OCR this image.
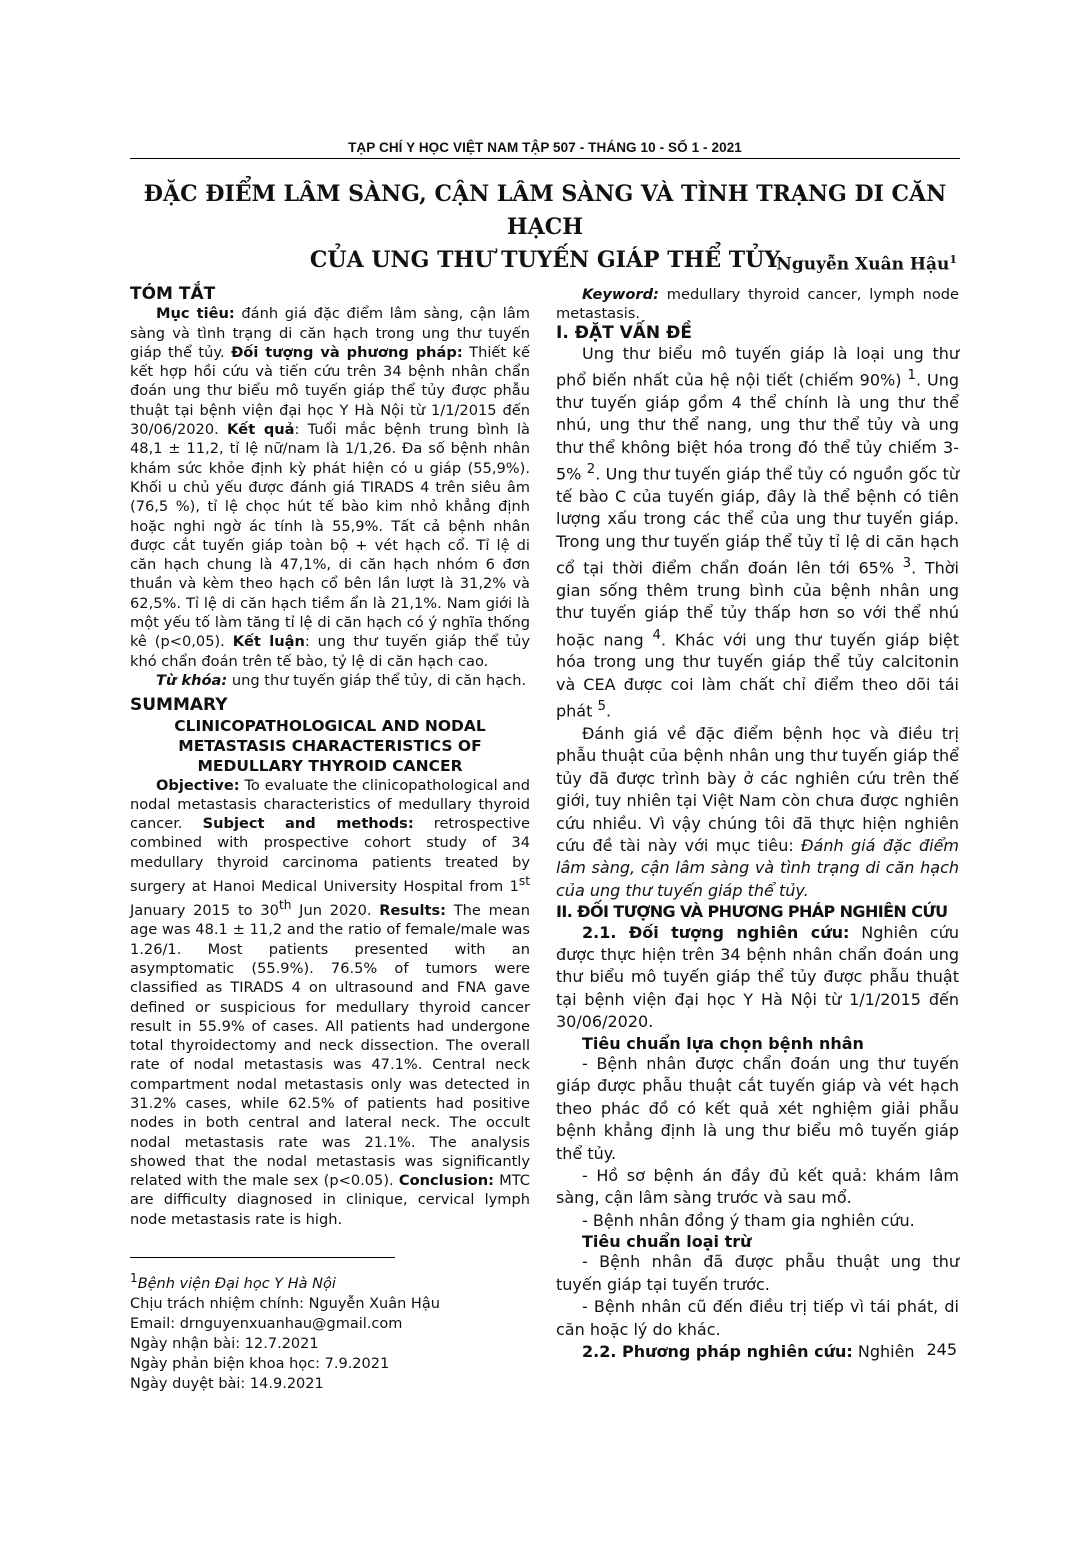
TẠP CHÍ Y HỌC VIỆT NAM TẬP 507 - THÁNG 10 - SỐ 1 - 2021
ĐẶC ĐIỂM LÂM SÀNG, CẬN LÂM SÀNG VÀ TÌNH TRẠNG DI CĂN HẠCH
CỦA UNG THƯ TUYẾN GIÁP THỂ TỦY
Nguyễn Xuân Hậu$^1$

TÓM TẮT

Mục tiêu: đánh giá đặc điểm lâm sàng, cận lâm sàng và tình trạng di căn hạch trong ung thư tuyến giáp thể tủy. Đối tượng và phương pháp: Thiết kế kết hợp hồi cứu và tiến cứu trên 34 bệnh nhân chẩn đoán ung thư biểu mô tuyến giáp thể tủy được phẫu thuật tại bệnh viện đại học Y Hà Nội từ 1/1/2015 đến 30/06/2020. Kết quả: Tuổi mắc bệnh trung bình là 48,1 ± 11,2, tỉ lệ nữ/nam là 1/1,26. Đa số bệnh nhân khám sức khỏe định kỳ phát hiện có u giáp (55,9%). Khối u chủ yếu được đánh giá TIRADS 4 trên siêu âm (76,5 %), tỉ lệ chọc hút tế bào kim nhỏ khẳng định hoặc nghi ngờ ác tính là 55,9%. Tất cả bệnh nhân được cắt tuyến giáp toàn bộ + vét hạch cổ. Tỉ lệ di căn hạch chung là 47,1%, di căn hạch nhóm 6 đơn thuần và kèm theo hạch cổ bên lần lượt là 31,2% và 62,5%. Tỉ lệ di căn hạch tiềm ẩn là 21,1%. Nam giới là một yếu tố làm tăng tỉ lệ di căn hạch có ý nghĩa thống kê (p<0,05). Kết luận: ung thư tuyến giáp thể tủy khó chẩn đoán trên tế bào, tỷ lệ di căn hạch cao.

Từ khóa: ung thư tuyến giáp thể tủy, di căn hạch.

SUMMARY

CLINICOPATHOLOGICAL AND NODAL METASTASIS CHARACTERISTICS OF MEDULLARY THYROID CANCER

Objective: To evaluate the clinicopathological and nodal metastasis characteristics of medullary thyroid cancer. Subject and methods: retrospective combined with prospective cohort study of 34 medullary thyroid carcinoma patients treated by surgery at Hanoi Medical University Hospital from 1st January 2015 to 30th Jun 2020. Results: The mean age was 48.1 ± 11,2 and the ratio of female/male was 1.26/1. Most patients presented with an asymptomatic (55.9%). 76.5% of tumors were classified as TIRADS 4 on ultrasound and FNA gave defined or suspicious for medullary thyroid cancer result in 55.9% of cases. All patients had undergone total thyroidectomy and neck dissection. The overall rate of nodal metastasis was 47.1%. Central neck compartment nodal metastasis only was detected in 31.2% cases, while 62.5% of patients had positive nodes in both central and lateral neck. The occult nodal metastasis rate was 21.1%. The analysis showed that the nodal metastasis was significantly related with the male sex (p<0.05). Conclusion: MTC are difficulty diagnosed in clinique, cervical lymph node metastasis rate is high.

$^1$Bệnh viện Đại học Y Hà Nội

Chịu trách nhiệm chính: Nguyễn Xuân Hậu

Email: drnguyenxuanhau@gmail.com

Ngày nhận bài: 12.7.2021

Ngày phản biện khoa học: 7.9.2021

Ngày duyệt bài: 14.9.2021

Keyword: medullary thyroid cancer, lymph node metastasis.

I. ĐẶT VẤN ĐỀ

Ung thư biểu mô tuyến giáp là loại ung thư phổ biến nhất của hệ nội tiết (chiếm 90%) $^1$. Ung thư tuyến giáp gồm 4 thể chính là ung thư thể nhú, ung thư thể nang, ung thư thể tủy và ung thư thể không biệt hóa trong đó thể tủy chiếm 3-5% $^2$. Ung thư tuyến giáp thể tủy có nguồn gốc từ tế bào C của tuyến giáp, đây là thể bệnh có tiên lượng xấu trong các thể của ung thư tuyến giáp. Trong ung thư tuyến giáp thể tủy tỉ lệ di căn hạch cổ tại thời điểm chẩn đoán lên tới 65% $^3$. Thời gian sống thêm trung bình của bệnh nhân ung thư tuyến giáp thể tủy thấp hơn so với thể nhú hoặc nang $^4$. Khác với ung thư tuyến giáp biệt hóa trong ung thư tuyến giáp thể tủy calcitonin và CEA được coi làm chất chỉ điểm theo dõi tái phát $^5$.

Đánh giá về đặc điểm bệnh học và điều trị phẫu thuật của bệnh nhân ung thư tuyến giáp thể tủy đã được trình bày ở các nghiên cứu trên thế giới, tuy nhiên tại Việt Nam còn chưa được nghiên cứu nhiều. Vì vậy chúng tôi đã thực hiện nghiên cứu đề tài này với mục tiêu: Đánh giá đặc điểm lâm sàng, cận lâm sàng và tình trạng di căn hạch của ung thư tuyến giáp thể tủy.

II. ĐỐI TƯỢNG VÀ PHƯƠNG PHÁP NGHIÊN CỨU

2.1. Đối tượng nghiên cứu: Nghiên cứu được thực hiện trên 34 bệnh nhân chẩn đoán ung thư biểu mô tuyến giáp thể tủy được phẫu thuật tại bệnh viện đại học Y Hà Nội từ 1/1/2015 đến 30/06/2020.

Tiêu chuẩn lựa chọn bệnh nhân

- Bệnh nhân được chẩn đoán ung thư tuyến giáp được phẫu thuật cắt tuyến giáp và vét hạch theo phác đồ có kết quả xét nghiệm giải phẫu bệnh khẳng định là ung thư biểu mô tuyến giáp thể tủy.

- Hồ sơ bệnh án đầy đủ kết quả: khám lâm sàng, cận lâm sàng trước và sau mổ.

- Bệnh nhân đồng ý tham gia nghiên cứu.

Tiêu chuẩn loại trừ

- Bệnh nhân đã được phẫu thuật ung thư tuyến giáp tại tuyến trước.

- Bệnh nhân cũ đến điều trị tiếp vì tái phát, di căn hoặc lý do khác.

2.2. Phương pháp nghiên cứu: Nghiên 245
